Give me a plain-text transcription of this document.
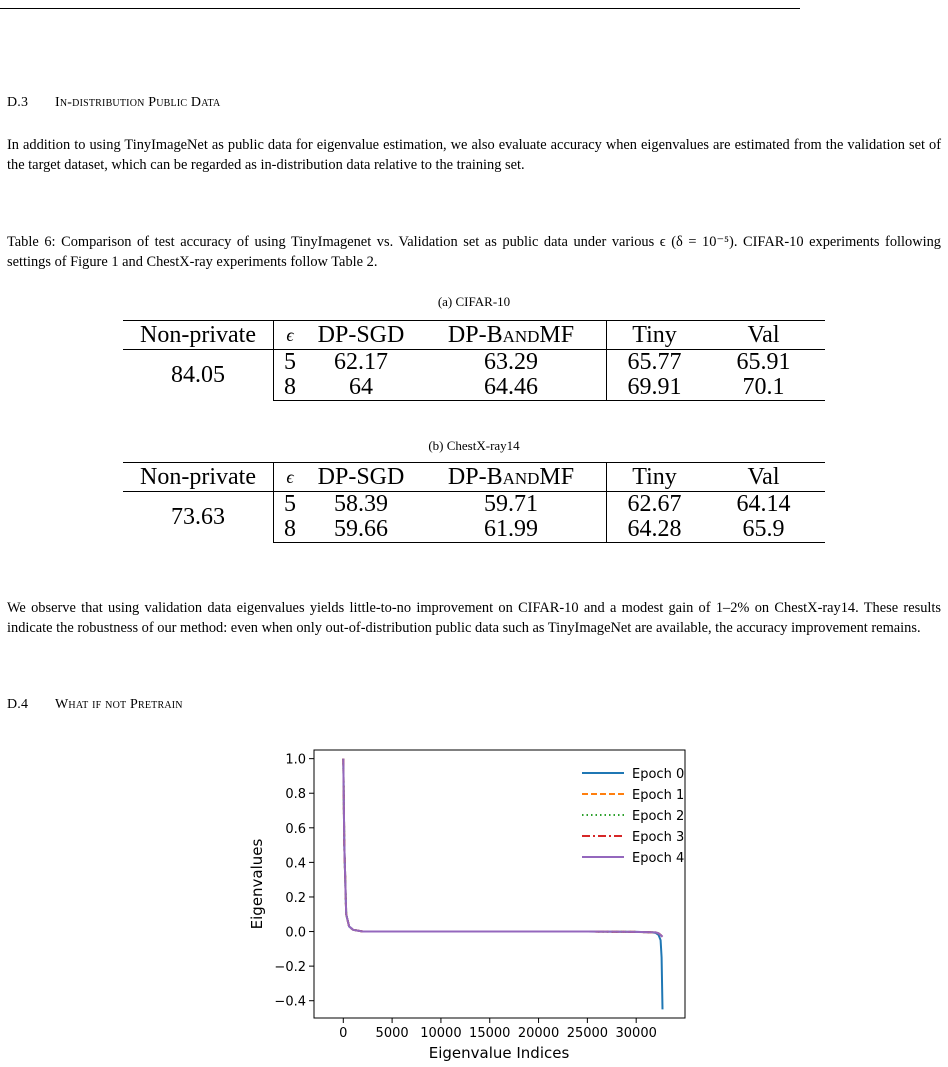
D.3 In-distribution Public Data
In addition to using TinyImageNet as public data for eigenvalue estimation, we also evaluate accuracy when eigenvalues are estimated from the validation set of the target dataset, which can be regarded as in-distribution data relative to the training set.
Table 6: Comparison of test accuracy of using TinyImagenet vs. Validation set as public data under various ϵ (δ = 10⁻⁵). CIFAR-10 experiments following settings of Figure 1 and ChestX-ray experiments follow Table 2.
(a) CIFAR-10
Non-private	ϵ	DP-SGD	DP-BandMF	Tiny	Val
84.05	5	62.17	63.29	65.77	65.91
	8	64	64.46	69.91	70.1
(b) ChestX-ray14
Non-private	ϵ	DP-SGD	DP-BandMF	Tiny	Val
73.63	5	58.39	59.71	62.67	64.14
	8	59.66	61.99	64.28	65.9
We observe that using validation data eigenvalues yields little-to-no improvement on CIFAR-10 and a modest gain of 1–2% on ChestX-ray14. These results indicate the robustness of our method: even when only out-of-distribution public data such as TinyImageNet are available, the accuracy improvement remains.
D.4 What if not Pretrain
0 5000 10000 15000 20000 25000 30000
1.0
0.8
0.6
0.4
0.2
0.0
−0.2
−0.4
Eigenvalue Indices
Eigenvalues
Epoch 0
Epoch 1
Epoch 2
Epoch 3
Epoch 4
